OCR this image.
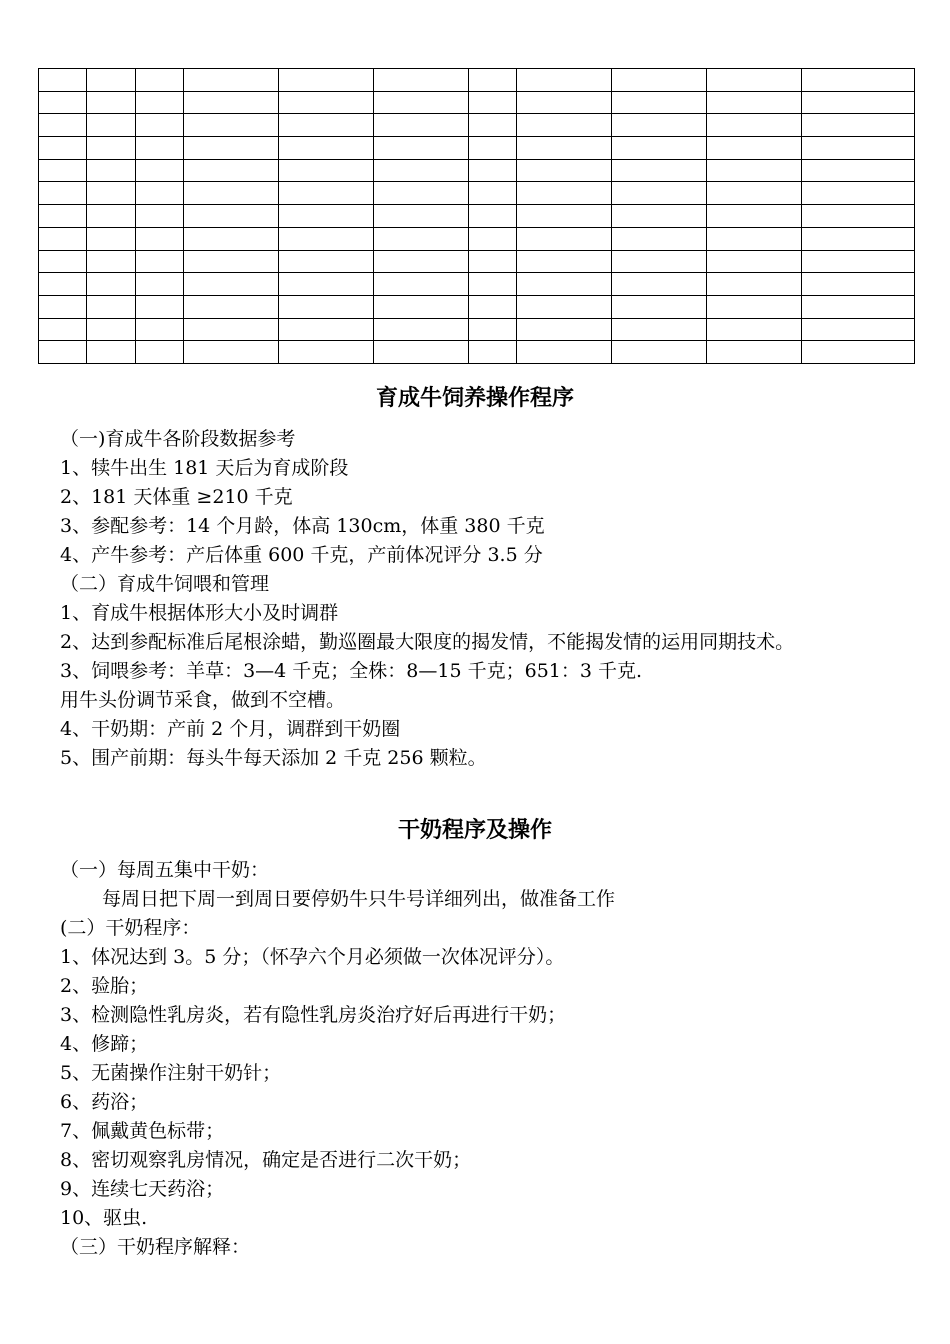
育成牛饲养操作程序
（一)育成牛各阶段数据参考
1、犊牛出生 181 天后为育成阶段
2、181 天体重 ≥210 千克
3、参配参考：14 个月龄，体高 130cm，体重 380 千克
4、产牛参考：产后体重 600 千克，产前体况评分 3.5 分
（二）育成牛饲喂和管理
1、育成牛根据体形大小及时调群
2、达到参配标准后尾根涂蜡，勤巡圈最大限度的揭发情，不能揭发情的运用同期技术。
3、饲喂参考：羊草：3—4 千克；全株：8—15 千克；651：3 千克.
用牛头份调节采食，做到不空槽。
4、干奶期：产前 2 个月，调群到干奶圈
5、围产前期：每头牛每天添加 2 千克 256 颗粒。
干奶程序及操作
（一）每周五集中干奶：
每周日把下周一到周日要停奶牛只牛号详细列出，做准备工作
(二）干奶程序：
1、体况达到 3。5 分；（怀孕六个月必须做一次体况评分）。
2、验胎；
3、检测隐性乳房炎，若有隐性乳房炎治疗好后再进行干奶；
4、修蹄；
5、无菌操作注射干奶针；
6、药浴；
7、佩戴黄色标带；
8、密切观察乳房情况，确定是否进行二次干奶；
9、连续七天药浴；
10、驱虫.
（三）干奶程序解释：
